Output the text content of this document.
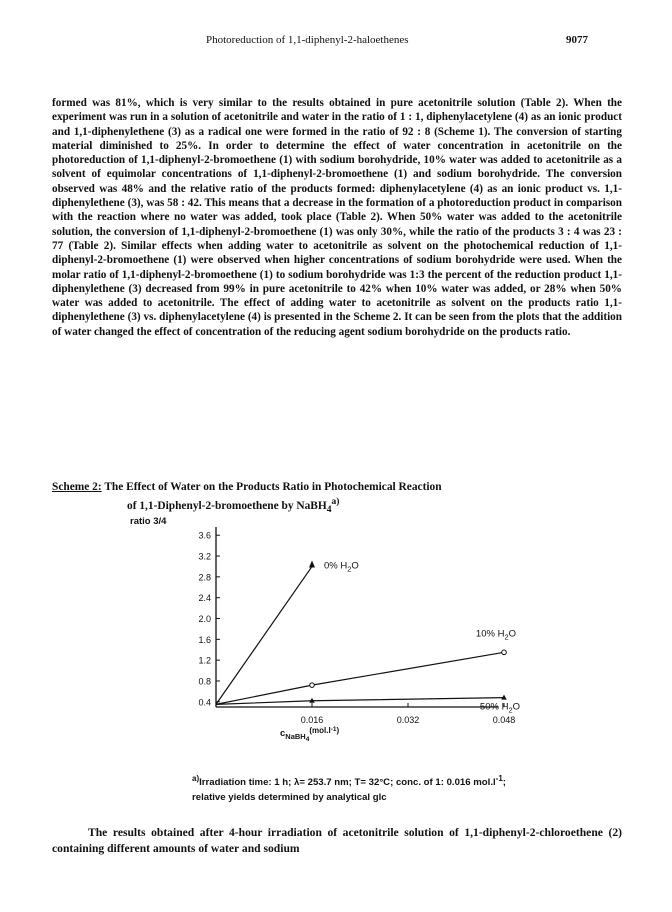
Photoreduction of 1,1-diphenyl-2-haloethenes	9077

formed was 81%, which is very similar to the results obtained in pure acetonitrile solution (Table 2). When the experiment was run in a solution of acetonitrile and water in the ratio of 1 : 1, diphenylacetylene (4) as an ionic product and 1,1-diphenylethene (3) as a radical one were formed in the ratio of 92 : 8 (Scheme 1). The conversion of starting material diminished to 25%. In order to determine the effect of water concentration in acetonitrile on the photoreduction of 1,1-diphenyl-2-bromoethene (1) with sodium borohydride, 10% water was added to acetonitrile as a solvent of equimolar concentrations of 1,1-diphenyl-2-bromoethene (1) and sodium borohydride. The conversion observed was 48% and the relative ratio of the products formed: diphenylacetylene (4) as an ionic product vs. 1,1-diphenylethene (3), was 58 : 42. This means that a decrease in the formation of a photoreduction product in comparison with the reaction where no water was added, took place (Table 2). When 50% water was added to the acetonitrile solution, the conversion of 1,1-diphenyl-2-bromoethene (1) was only 30%, while the ratio of the products 3 : 4 was 23 : 77 (Table 2). Similar effects when adding water to acetonitrile as solvent on the photochemical reduction of 1,1-diphenyl-2-bromoethene (1) were observed when higher concentrations of sodium borohydride were used. When the molar ratio of 1,1-diphenyl-2-bromoethene (1) to sodium borohydride was 1:3 the percent of the reduction product 1,1-diphenylethene (3) decreased from 99% in pure acetonitrile to 42% when 10% water was added, or 28% when 50% water was added to acetonitrile. The effect of adding water to acetonitrile as solvent on the products ratio 1,1-diphenylethene (3) vs. diphenylacetylene (4) is presented in the Scheme 2. It can be seen from the plots that the addition of water changed the effect of concentration of the reducing agent sodium borohydride on the products ratio.

Scheme 2: The Effect of Water on the Products Ratio in Photochemical Reaction
of 1,1-Diphenyl-2-bromoethene by NaBH$_4^{a)}$
ratio 3/4
0.4
0.8
1.2
1.6
2.0
2.4
2.8
3.2
3.6
0.016	0.032	0.048
0% $H_2O$
10% $H_2O$
50% $H_2O$
$c_{NaBH4}^{(mol.l-1}_)$
$^{a)}$Irradiation time: 1 h; λ= 253.7 nm; T= 32°C; conc. of 1: 0.016 $mol.l^{-1}$;
relative yields determined by analytical glc

The results obtained after 4-hour irradiation of acetonitrile solution of 1,1-diphenyl-2-chloroethene (2) containing different amounts of water and sodium
